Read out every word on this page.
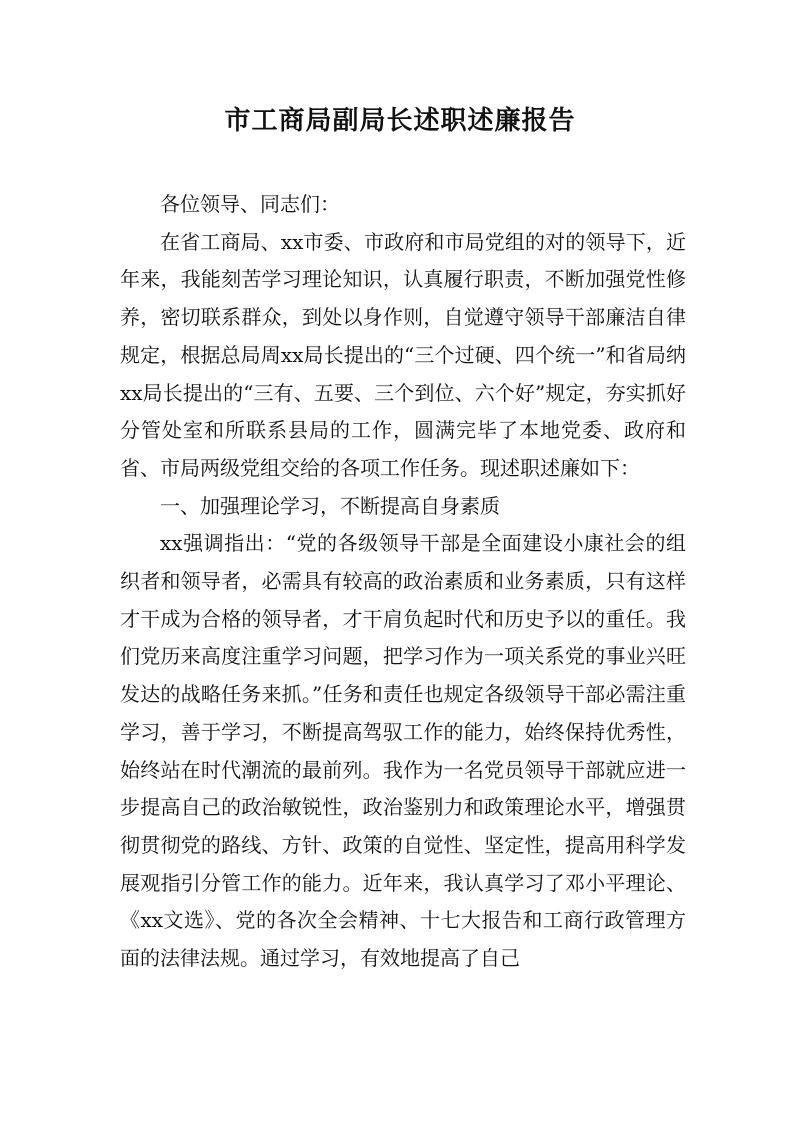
市工商局副局长述职述廉报告

各位领导、同志们：

在省工商局、xx市委、市政府和市局党组的对的领导下，近年来，我能刻苦学习理论知识，认真履行职责，不断加强党性修养，密切联系群众，到处以身作则，自觉遵守领导干部廉洁自律规定，根据总局周xx局长提出的“三个过硬、四个统一”和省局纳xx局长提出的“三有、五要、三个到位、六个好”规定，夯实抓好分管处室和所联系县局的工作，圆满完毕了本地党委、政府和省、市局两级党组交给的各项工作任务。现述职述廉如下：

一、加强理论学习，不断提高自身素质

xx强调指出：“党的各级领导干部是全面建设小康社会的组织者和领导者，必需具有较高的政治素质和业务素质，只有这样才干成为合格的领导者，才干肩负起时代和历史予以的重任。我们党历来高度注重学习问题，把学习作为一项关系党的事业兴旺发达的战略任务来抓。”任务和责任也规定各级领导干部必需注重学习，善于学习，不断提高驾驭工作的能力，始终保持优秀性，始终站在时代潮流的最前列。我作为一名党员领导干部就应进一步提高自己的政治敏锐性，政治鉴别力和政策理论水平，增强贯彻贯彻党的路线、方针、政策的自觉性、坚定性，提高用科学发展观指引分管工作的能力。近年来，我认真学习了邓小平理论、《xx文选》、党的各次全会精神、十七大报告和工商行政管理方面的法律法规。通过学习，有效地提高了自己
